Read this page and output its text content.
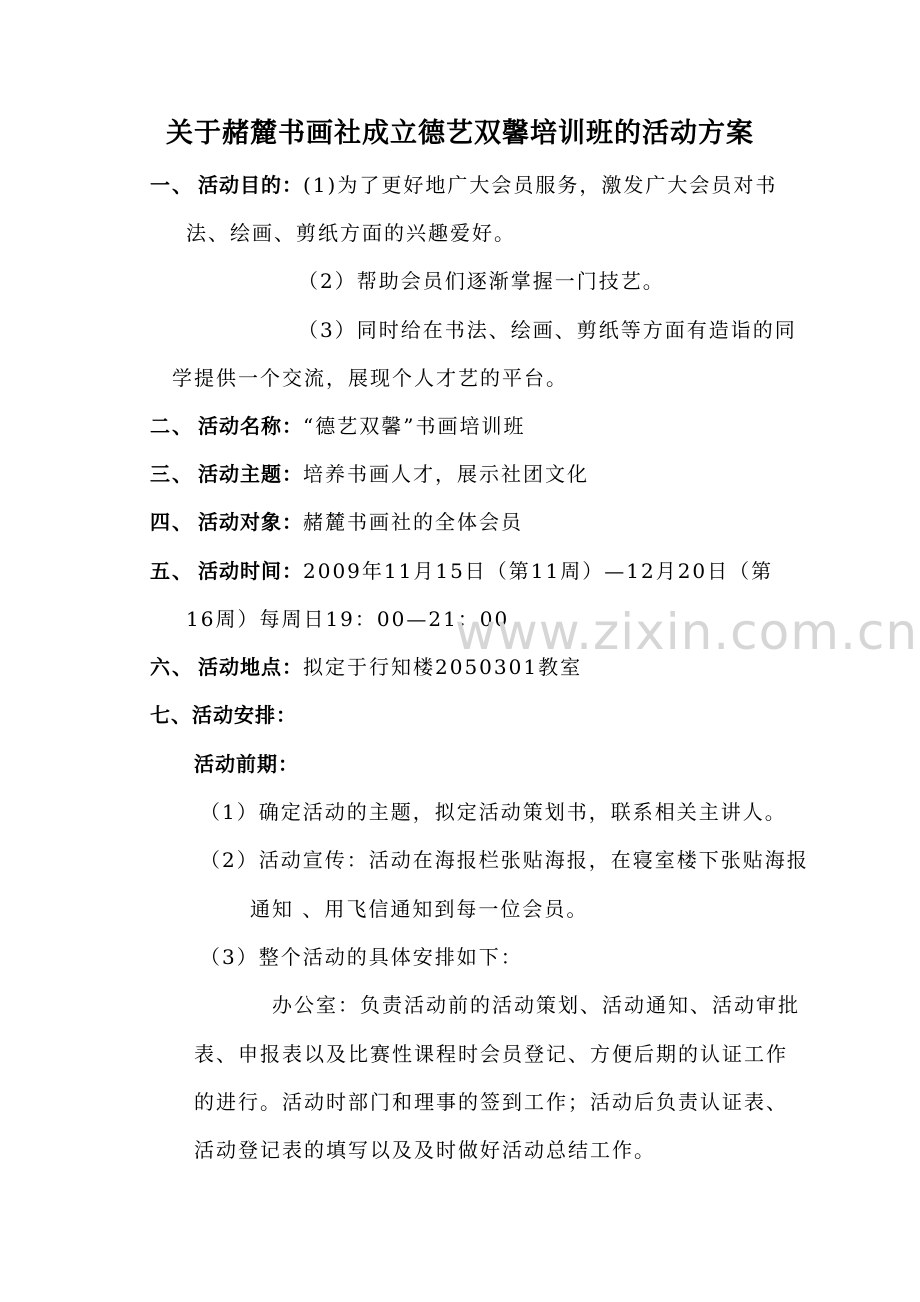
关于赭麓书画社成立德艺双馨培训班的活动方案
一、 活动目的：(1)为了更好地广大会员服务，激发广大会员对书
法、绘画、剪纸方面的兴趣爱好。
（2）帮助会员们逐渐掌握一门技艺。
（3）同时给在书法、绘画、剪纸等方面有造诣的同
学提供一个交流，展现个人才艺的平台。
二、 活动名称：“德艺双馨”书画培训班
三、 活动主题：培养书画人才，展示社团文化
四、 活动对象：赭麓书画社的全体会员
五、 活动时间：2009年11月15日（第11周）—12月20日（第
16周）每周日19：00—21：00
六、 活动地点：拟定于行知楼2050301教室
七、活动安排：
活动前期：
（1）确定活动的主题，拟定活动策划书，联系相关主讲人。
（2）活动宣传：活动在海报栏张贴海报，在寝室楼下张贴海报
通知 、用飞信通知到每一位会员。
（3）整个活动的具体安排如下：
办公室：负责活动前的活动策划、活动通知、活动审批
表、申报表以及比赛性课程时会员登记、方便后期的认证工作
的进行。活动时部门和理事的签到工作；活动后负责认证表、
活动登记表的填写以及及时做好活动总结工作。
www.zixin.com.cn
